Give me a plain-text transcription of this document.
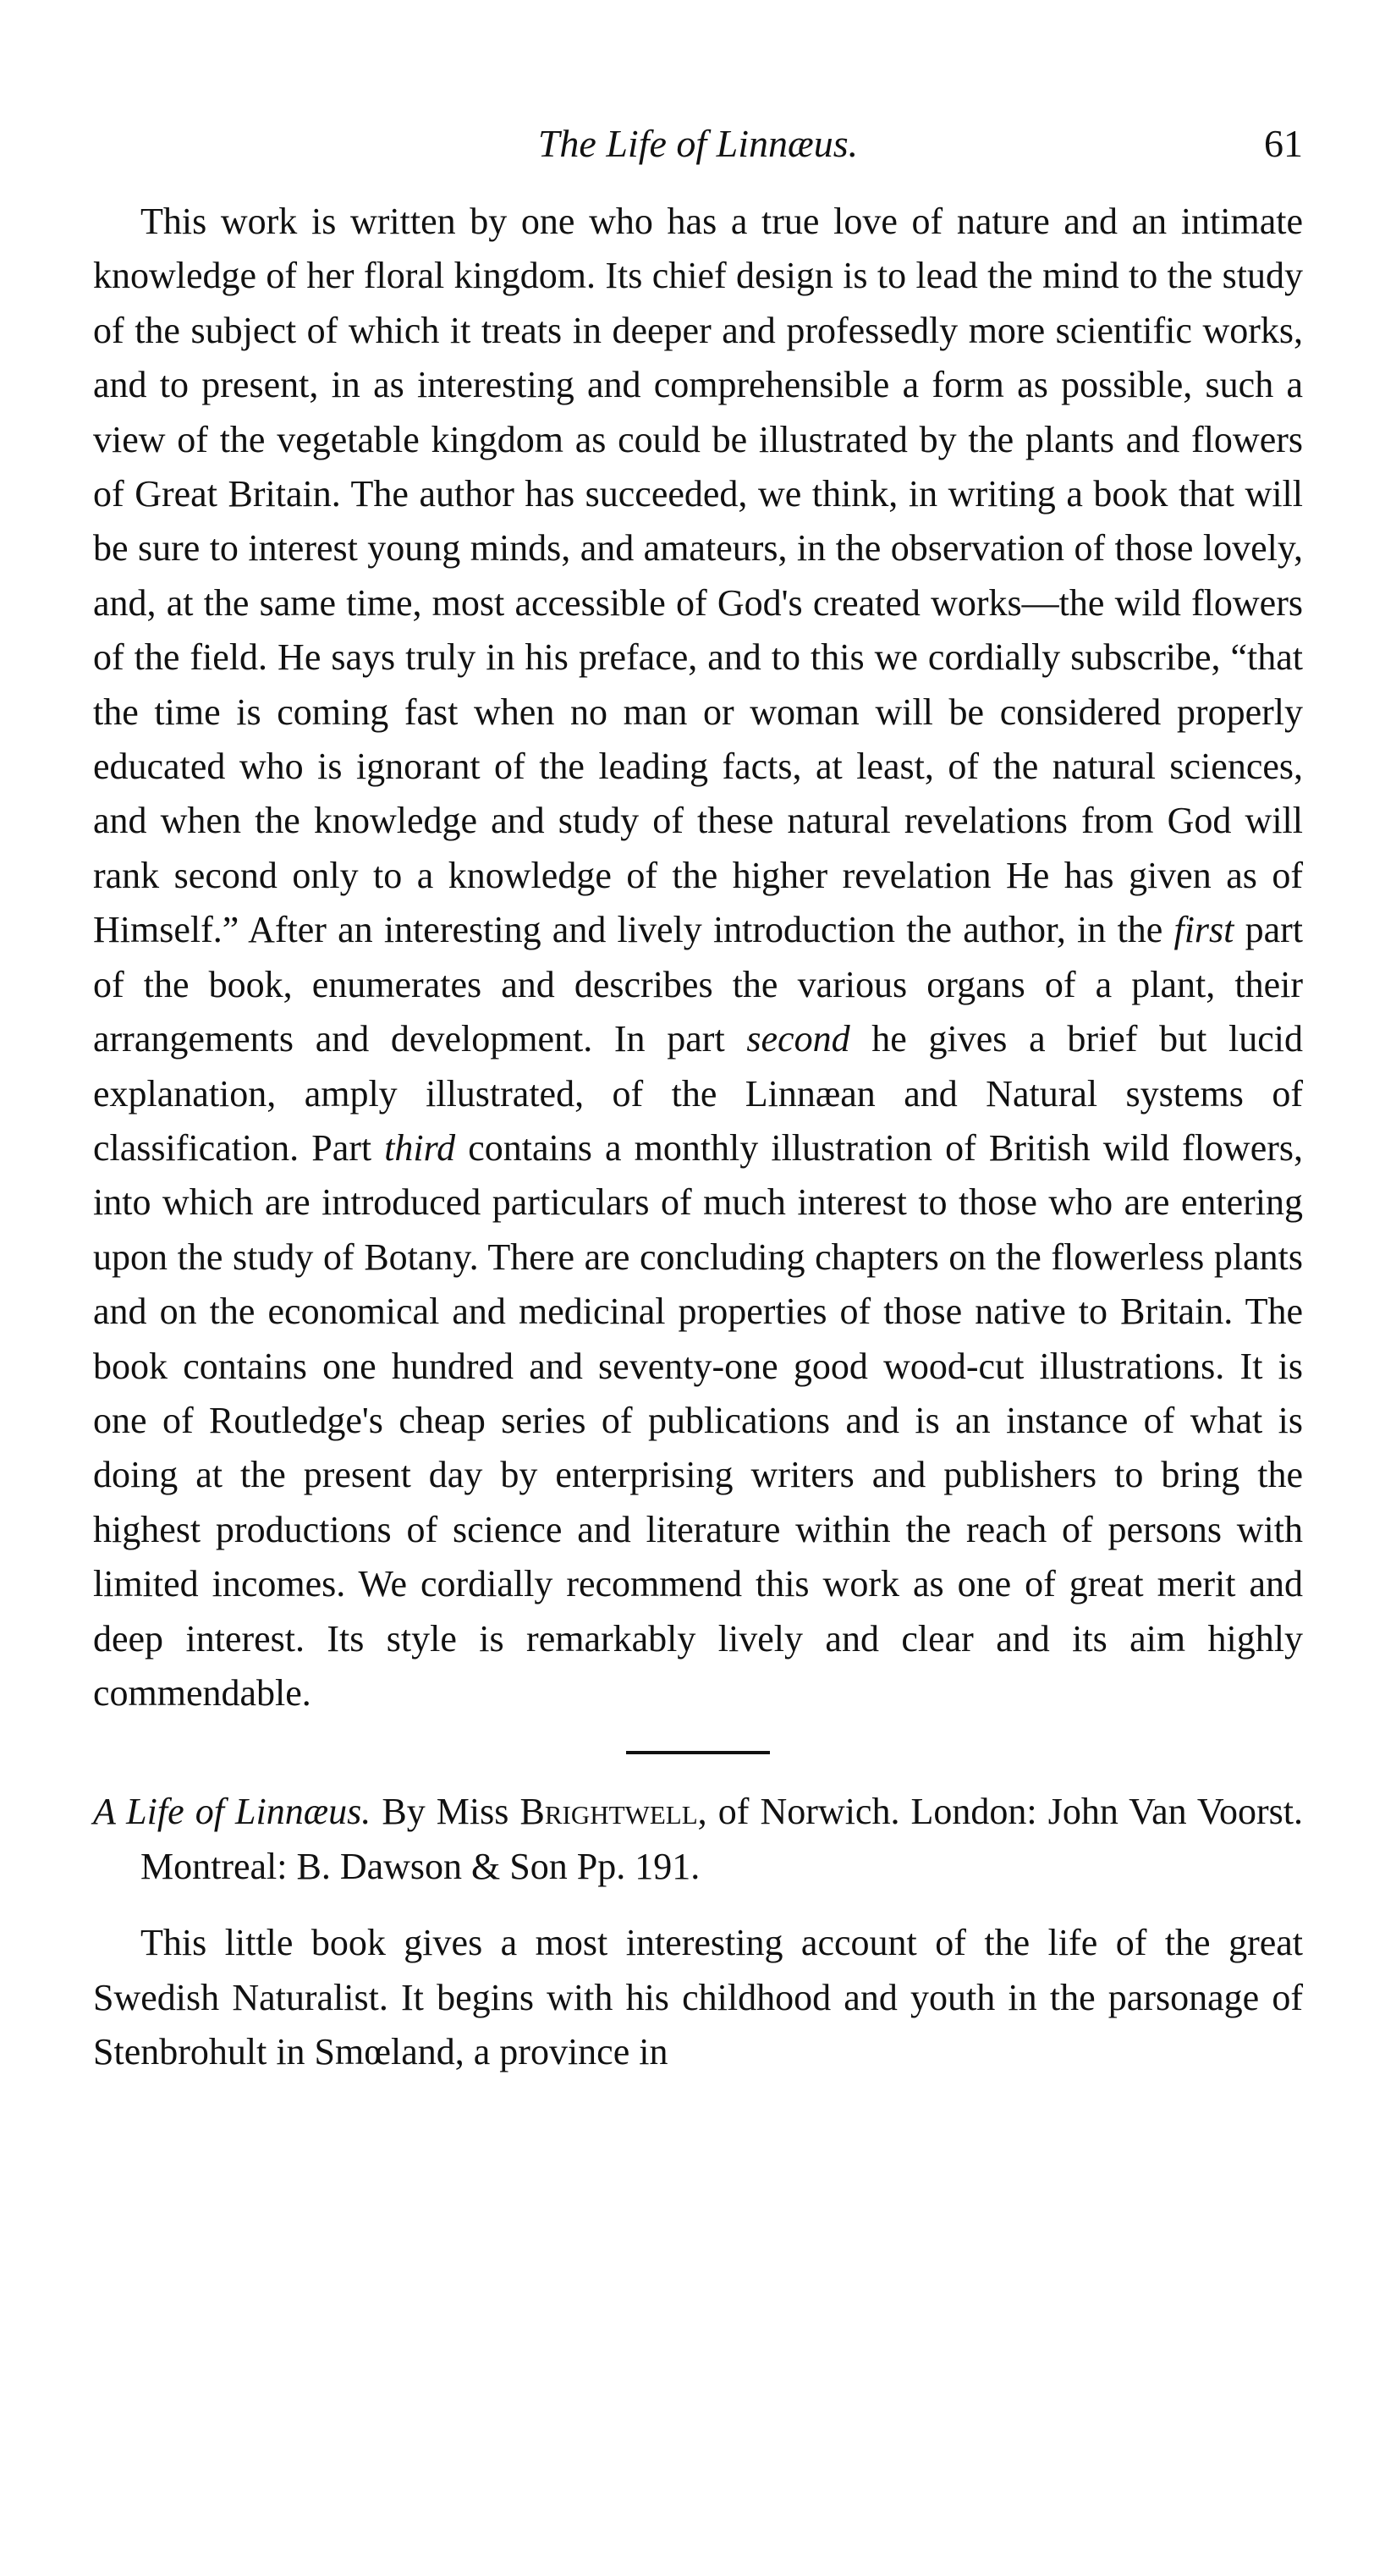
The Life of Linnæus.	61

This work is written by one who has a true love of nature and an intimate knowledge of her floral kingdom. Its chief design is to lead the mind to the study of the subject of which it treats in deeper and professedly more scientific works, and to present, in as interesting and comprehensible a form as possible, such a view of the vegetable kingdom as could be illustrated by the plants and flowers of Great Britain. The author has succeeded, we think, in writing a book that will be sure to interest young minds, and amateurs, in the observation of those lovely, and, at the same time, most accessible of God's created works—the wild flowers of the field. He says truly in his preface, and to this we cordially subscribe, “that the time is coming fast when no man or woman will be considered properly educated who is ignorant of the leading facts, at least, of the natural sciences, and when the knowledge and study of these natural revelations from God will rank second only to a knowledge of the higher revelation He has given as of Himself.” After an interesting and lively introduction the author, in the first part of the book, enumerates and describes the various organs of a plant, their arrangements and development. In part second he gives a brief but lucid explanation, amply illustrated, of the Linnæan and Natural systems of classification. Part third contains a monthly illustration of British wild flowers, into which are introduced particulars of much interest to those who are entering upon the study of Botany. There are concluding chapters on the flowerless plants and on the economical and medicinal properties of those native to Britain. The book contains one hundred and seventy-one good wood-cut illustrations. It is one of Routledge's cheap series of publications and is an instance of what is doing at the present day by enterprising writers and publishers to bring the highest productions of science and literature within the reach of persons with limited incomes. We cordially recommend this work as one of great merit and deep interest. Its style is remarkably lively and clear and its aim highly commendable.

A Life of Linnæus. By Miss Brightwell, of Norwich. London: John Van Voorst. Montreal: B. Dawson & Son Pp. 191.

This little book gives a most interesting account of the life of the great Swedish Naturalist. It begins with his childhood and youth in the parsonage of Stenbrohult in Smœland, a province in
